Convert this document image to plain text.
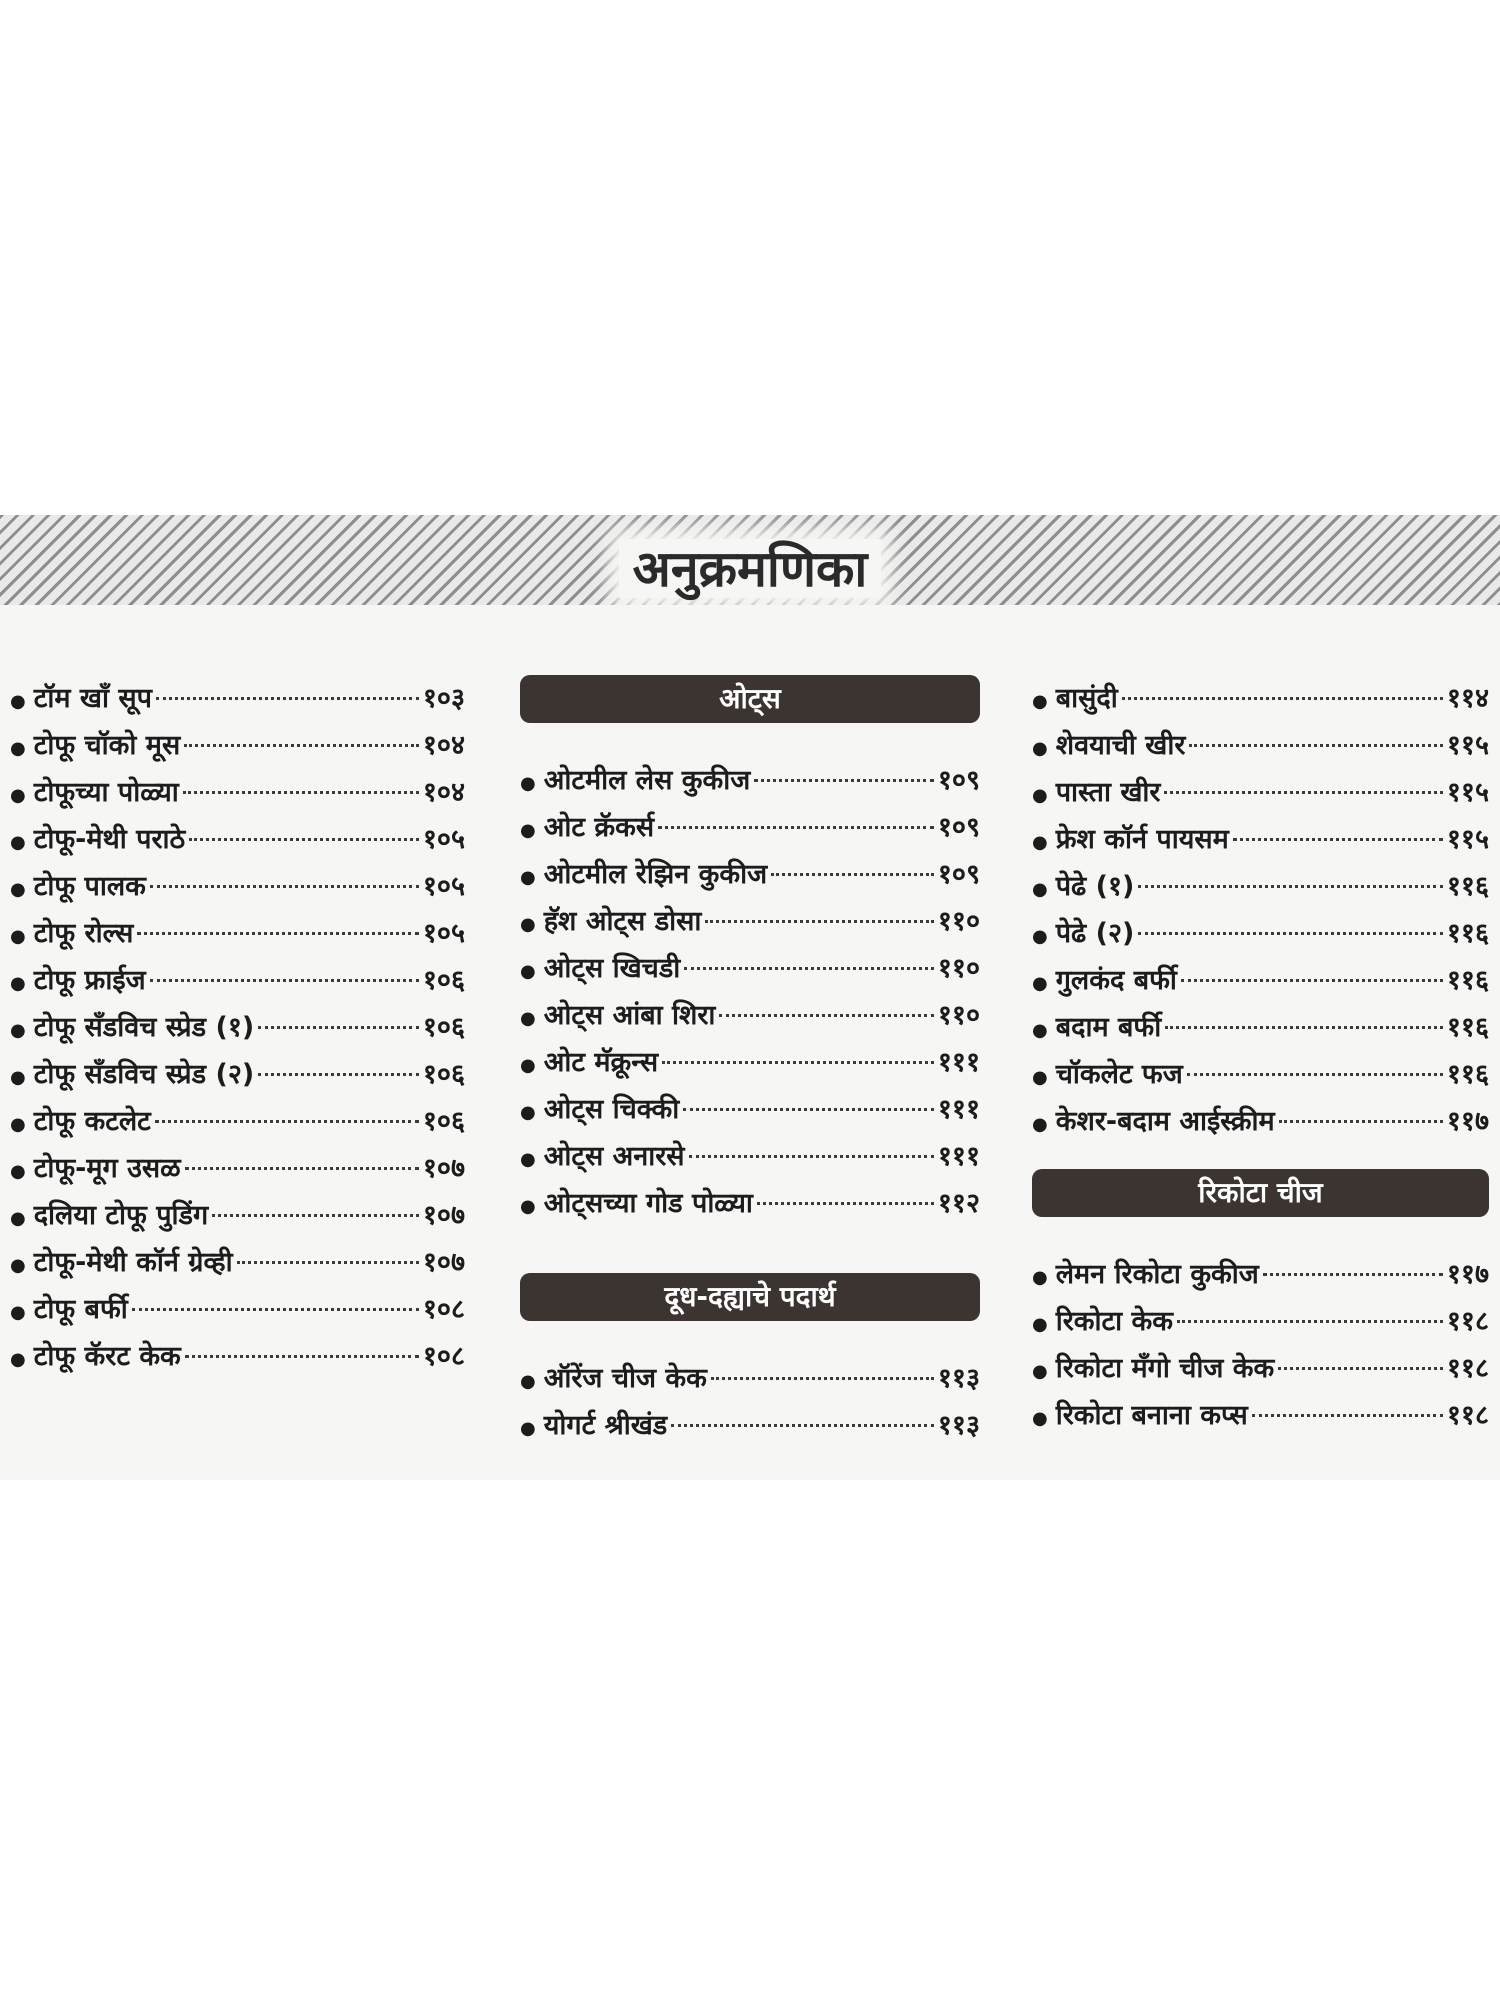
अनुक्रमणिका
● टॉम खॉं सूप	१०३
● टोफू चॉको मूस	१०४
● टोफूच्या पोळ्या	१०४
● टोफू-मेथी पराठे	१०५
● टोफू पालक	१०५
● टोफू रोल्स	१०५
● टोफू फ्राईज	१०६
● टोफू सँडविच स्प्रेड (१)	१०६
● टोफू सँडविच स्प्रेड (२)	१०६
● टोफू कटलेट	१०६
● टोफू-मूग उसळ	१०७
● दलिया टोफू पुडिंग	१०७
● टोफू-मेथी कॉर्न ग्रेव्ही	१०७
● टोफू बर्फी	१०८
● टोफू कॅरट केक	१०८
ओट्स
● ओटमील लेस कुकीज	१०९
● ओट क्रॅकर्स	१०९
● ओटमील रेझिन कुकीज	१०९
● हॅश ओट्स डोसा	११०
● ओट्स खिचडी	११०
● ओट्स आंबा शिरा	११०
● ओट मॅक्रून्स	१११
● ओट्स चिक्की	१११
● ओट्स अनारसे	१११
● ओट्सच्या गोड पोळ्या	११२
दूध-दह्याचे पदार्थ
● ऑरेंज चीज केक	११३
● योगर्ट श्रीखंड	११३
● बासुंदी	११४
● शेवयाची खीर	११५
● पास्ता खीर	११५
● फ्रेश कॉर्न पायसम	११५
● पेढे (१)	११६
● पेढे (२)	११६
● गुलकंद बर्फी	११६
● बदाम बर्फी	११६
● चॉकलेट फज	११६
● केशर-बदाम आईस्क्रीम	११७
रिकोटा चीज
● लेमन रिकोटा कुकीज	११७
● रिकोटा केक	११८
● रिकोटा मँगो चीज केक	११८
● रिकोटा बनाना कप्स	११८
